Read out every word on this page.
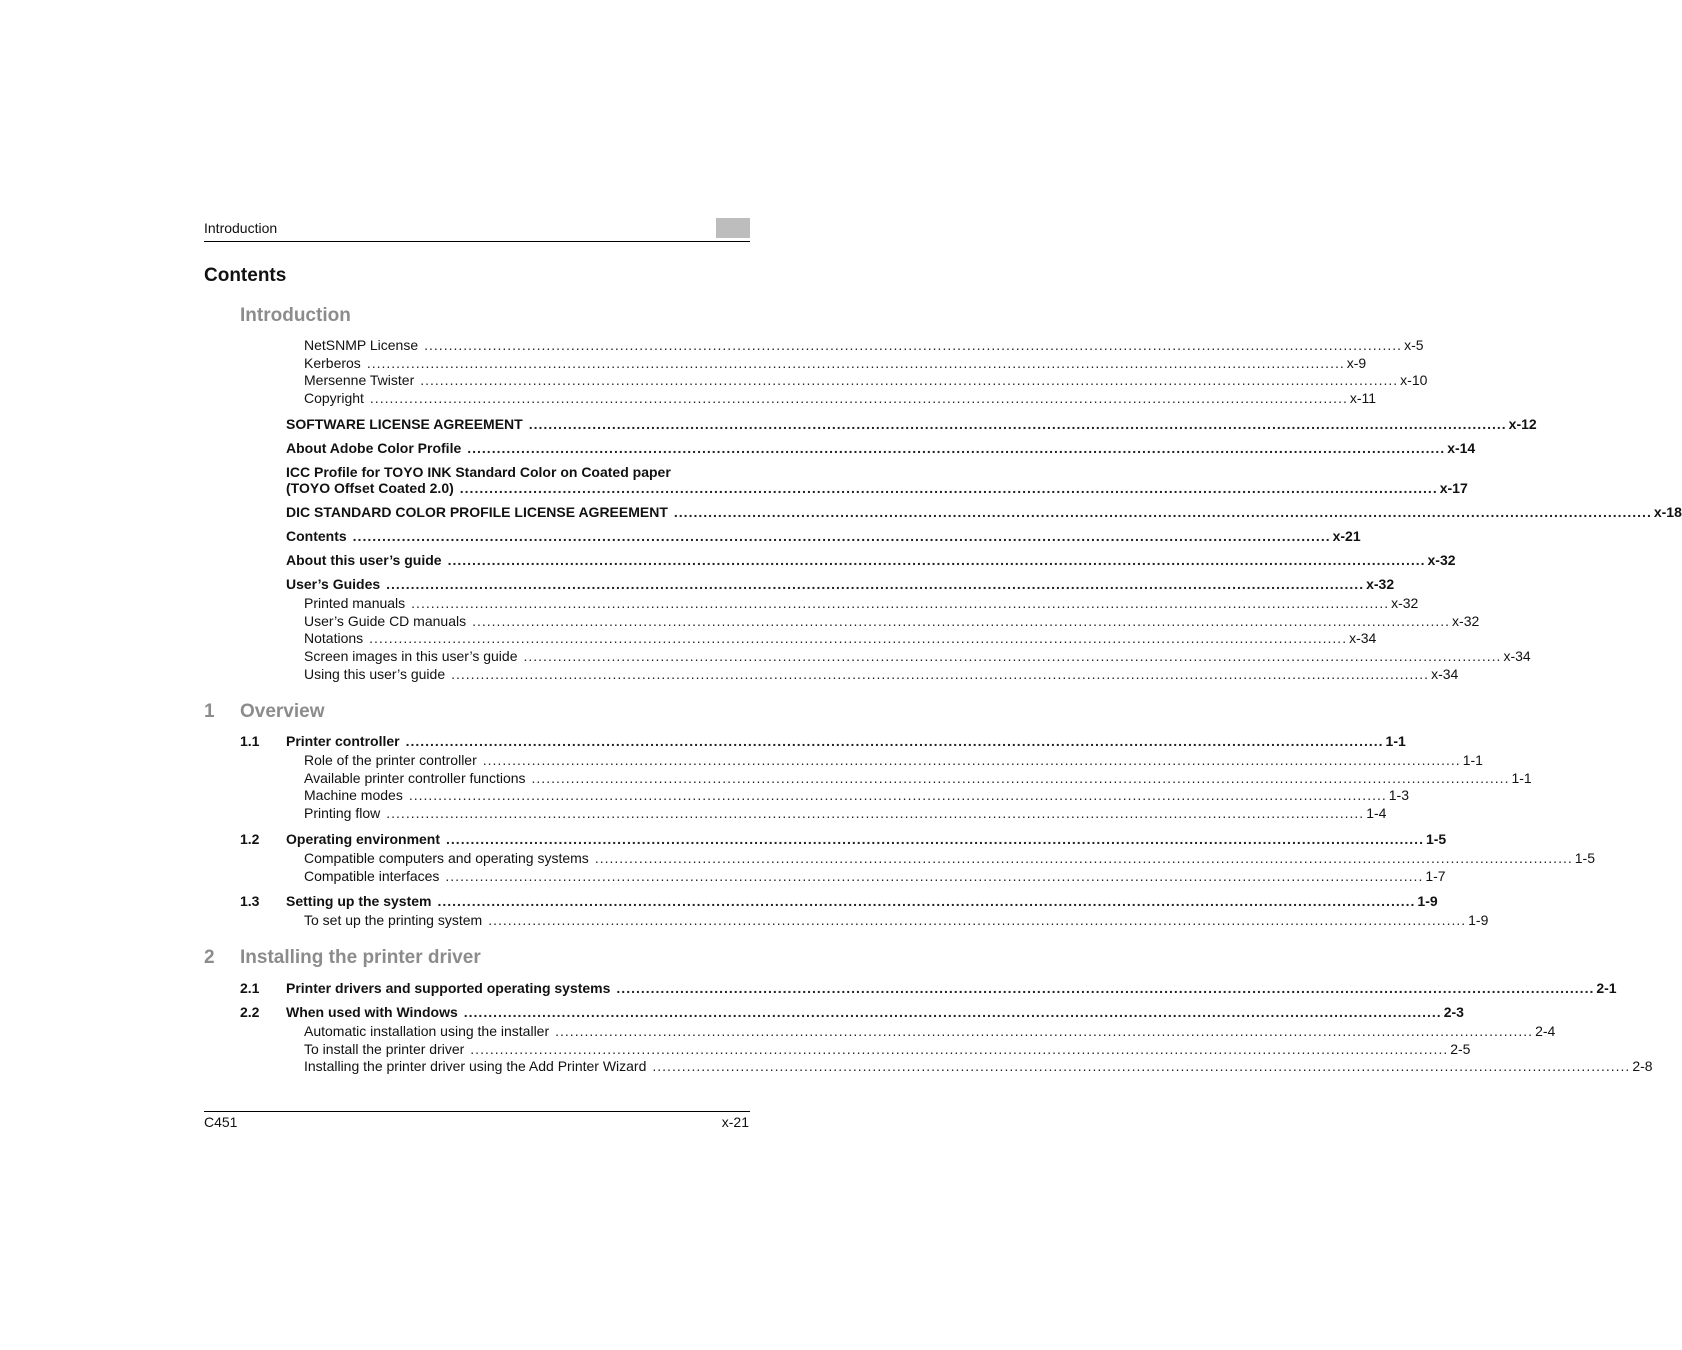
Introduction
Contents
Introduction
NetSNMP License ........................................................................................................................................................................................................ x-5
Kerberos ........................................................................................................................................................................................................ x-9
Mersenne Twister ........................................................................................................................................................................................................ x-10
Copyright ........................................................................................................................................................................................................ x-11
SOFTWARE LICENSE AGREEMENT ........................................................................................................................................................................................................ x-12
About Adobe Color Profile ........................................................................................................................................................................................................ x-14
ICC Profile for TOYO INK Standard Color on Coated paper
(TOYO Offset Coated 2.0) ........................................................................................................................................................................................................ x-17
DIC STANDARD COLOR PROFILE LICENSE AGREEMENT ........................................................................................................................................................................................................ x-18
Contents ........................................................................................................................................................................................................ x-21
About this user’s guide ........................................................................................................................................................................................................ x-32
User’s Guides ........................................................................................................................................................................................................ x-32
Printed manuals ........................................................................................................................................................................................................ x-32
User’s Guide CD manuals ........................................................................................................................................................................................................ x-32
Notations ........................................................................................................................................................................................................ x-34
Screen images in this user’s guide ........................................................................................................................................................................................................ x-34
Using this user’s guide ........................................................................................................................................................................................................ x-34
1 Overview
1.1 Printer controller ........................................................................................................................................................................................................ 1-1
Role of the printer controller ........................................................................................................................................................................................................ 1-1
Available printer controller functions ........................................................................................................................................................................................................ 1-1
Machine modes ........................................................................................................................................................................................................ 1-3
Printing flow ........................................................................................................................................................................................................ 1-4
1.2 Operating environment ........................................................................................................................................................................................................ 1-5
Compatible computers and operating systems ........................................................................................................................................................................................................ 1-5
Compatible interfaces ........................................................................................................................................................................................................ 1-7
1.3 Setting up the system ........................................................................................................................................................................................................ 1-9
To set up the printing system ........................................................................................................................................................................................................ 1-9
2 Installing the printer driver
2.1 Printer drivers and supported operating systems ........................................................................................................................................................................................................ 2-1
2.2 When used with Windows ........................................................................................................................................................................................................ 2-3
Automatic installation using the installer ........................................................................................................................................................................................................ 2-4
To install the printer driver ........................................................................................................................................................................................................ 2-5
Installing the printer driver using the Add Printer Wizard ........................................................................................................................................................................................................ 2-8
C451	x-21
